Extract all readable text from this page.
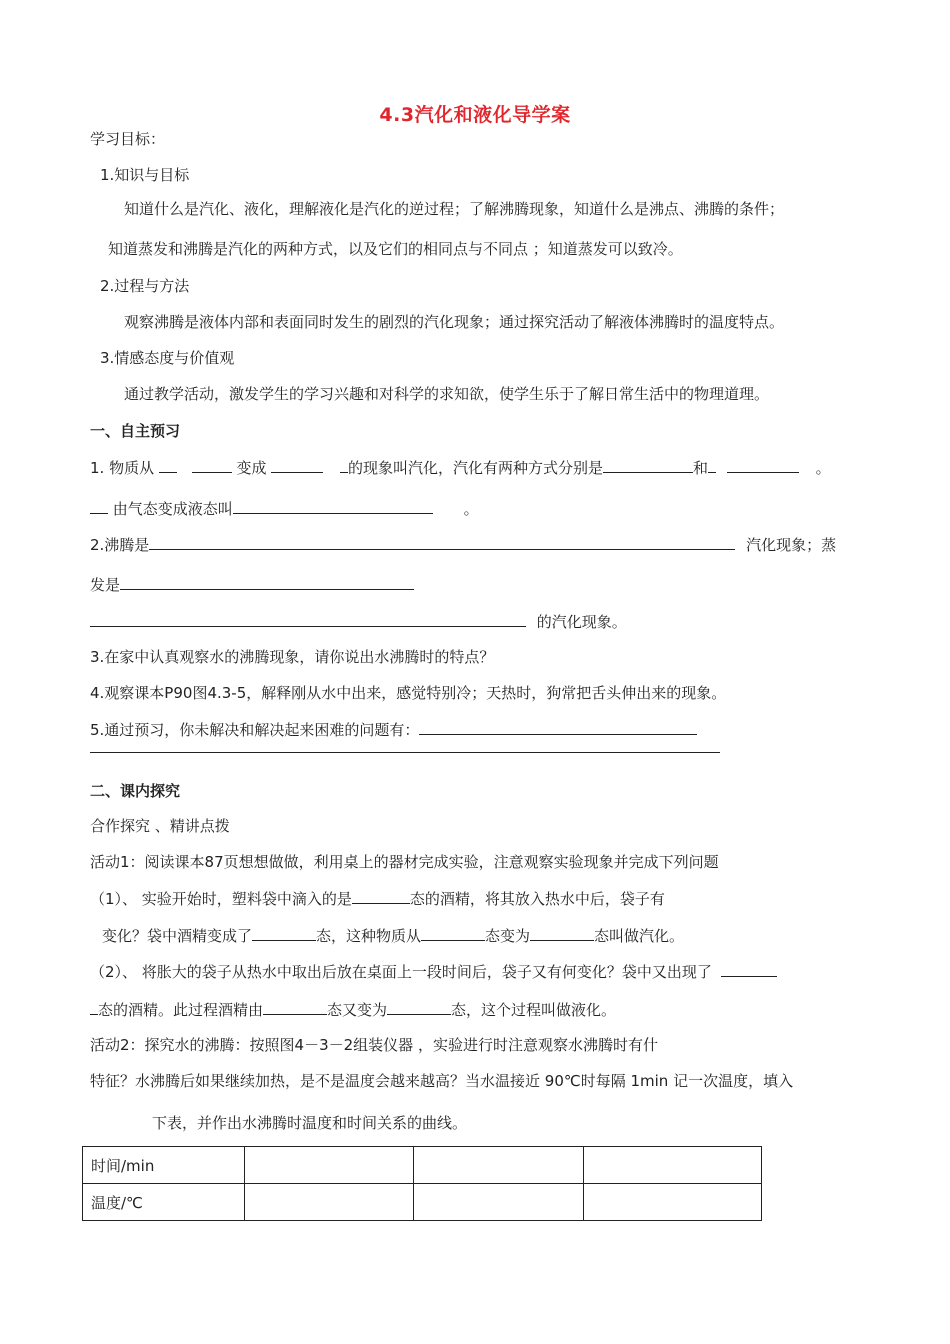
4.3汽化和液化导学案
学习目标：
1.知识与目标
知道什么是汽化、液化，理解液化是汽化的逆过程；了解沸腾现象，知道什么是沸点、沸腾的条件；
知道蒸发和沸腾是汽化的两种方式，以及它们的相同点与不同点 ；知道蒸发可以致冷。
2.过程与方法
观察沸腾是液体内部和表面同时发生的剧烈的汽化现象；通过探究活动了解液体沸腾时的温度特点。
3.情感态度与价值观
通过教学活动，激发学生的学习兴趣和对科学的求知欲，使学生乐于了解日常生活中的物理道理。
一、自主预习
1. 物质从	变成	的现象叫汽化，汽化有两种方式分别是	和	。
由气态变成液态叫	。
2.沸腾是	汽化现象；蒸
发是
的汽化现象。
3.在家中认真观察水的沸腾现象，请你说出水沸腾时的特点？
4.观察课本P90图4.3-5，解释刚从水中出来，感觉特别冷；天热时，狗常把舌头伸出来的现象。
5.通过预习，你未解决和解决起来困难的问题有：
二、课内探究
合作探究 、精讲点拨
活动1：阅读课本87页想想做做，利用桌上的器材完成实验，注意观察实验现象并完成下列问题
（1）、 实验开始时，塑料袋中滴入的是	态的酒精，将其放入热水中后，袋子有
变化？袋中酒精变成了	态，这种物质从	态变为	态叫做汽化。
（2）、 将胀大的袋子从热水中取出后放在桌面上一段时间后，袋子又有何变化？袋中又出现了
态的酒精。此过程酒精由	态又变为	态，这个过程叫做液化。
活动2：探究水的沸腾：按照图4－3－2组装仪器 ，实验进行时注意观察水沸腾时有什
特征？水沸腾后如果继续加热，是不是温度会越来越高？当水温接近 90℃时每隔 1min 记一次温度，填入
下表，并作出水沸腾时温度和时间关系的曲线。
时间/min			
温度/℃			
